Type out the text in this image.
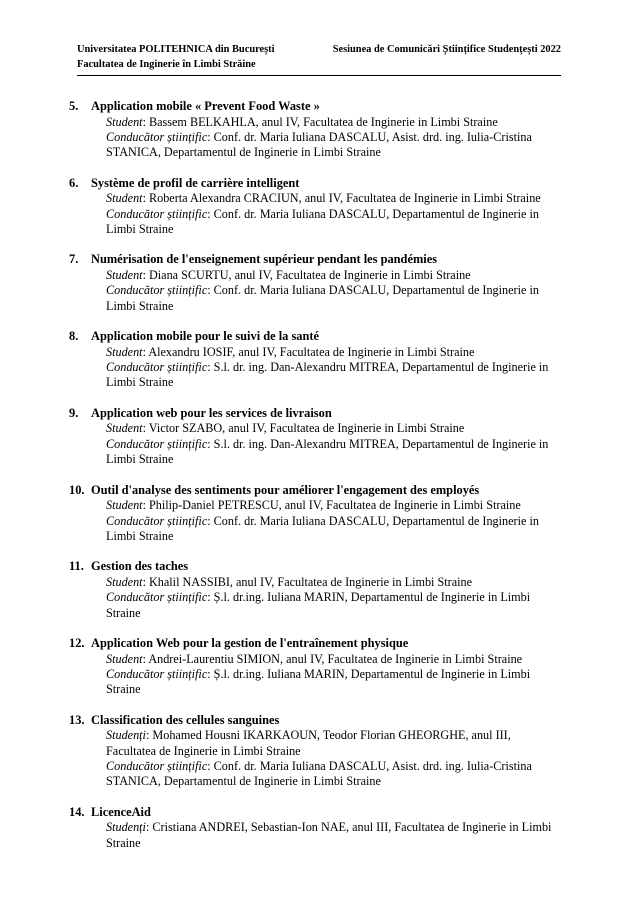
Universitatea POLITEHNICA din București
Facultatea de Inginerie în Limbi Străine
Sesiunea de Comunicări Științifice Studențești 2022
5.	Application mobile « Prevent Food Waste »
Student: Bassem BELKAHLA, anul IV, Facultatea de Inginerie in Limbi Straine
Conducător științific: Conf. dr. Maria Iuliana DASCALU, Asist. drd. ing. Iulia-Cristina STANICA, Departamentul de Inginerie in Limbi Straine
6.	Système de profil de carrière intelligent
Student: Roberta Alexandra CRACIUN, anul IV, Facultatea de Inginerie in Limbi Straine
Conducător științific: Conf. dr. Maria Iuliana DASCALU, Departamentul de Inginerie in Limbi Straine
7.	Numérisation de l'enseignement supérieur pendant les pandémies
Student: Diana SCURTU, anul IV, Facultatea de Inginerie in Limbi Straine
Conducător științific: Conf. dr. Maria Iuliana DASCALU, Departamentul de Inginerie in Limbi Straine
8.	Application mobile pour le suivi de la santé
Student: Alexandru IOSIF, anul IV, Facultatea de Inginerie in Limbi Straine
Conducător științific: S.l. dr. ing. Dan-Alexandru MITREA, Departamentul de Inginerie in Limbi Straine
9.	Application web pour les services de livraison
Student: Victor SZABO, anul IV, Facultatea de Inginerie in Limbi Straine
Conducător științific: S.l. dr. ing. Dan-Alexandru MITREA, Departamentul de Inginerie in Limbi Straine
10. Outil d'analyse des sentiments pour améliorer l'engagement des employés
Student: Philip-Daniel PETRESCU, anul IV, Facultatea de Inginerie in Limbi Straine
Conducător științific: Conf. dr. Maria Iuliana DASCALU, Departamentul de Inginerie in Limbi Straine
11. Gestion des taches
Student: Khalil NASSIBI, anul IV, Facultatea de Inginerie in Limbi Straine
Conducător științific: Ș.l. dr.ing. Iuliana MARIN, Departamentul de Inginerie in Limbi Straine
12. Application Web pour la gestion de l'entraînement physique
Student: Andrei-Laurentiu SIMION, anul IV, Facultatea de Inginerie in Limbi Straine
Conducător științific: Ș.l. dr.ing. Iuliana MARIN, Departamentul de Inginerie in Limbi Straine
13. Classification des cellules sanguines
Studenți: Mohamed Housni IKARKAOUN, Teodor Florian GHEORGHE, anul III, Facultatea de Inginerie in Limbi Straine
Conducător științific: Conf. dr. Maria Iuliana DASCALU, Asist. drd. ing. Iulia-Cristina STANICA, Departamentul de Inginerie in Limbi Straine
14. LicenceAid
Studenți: Cristiana ANDREI, Sebastian-Ion NAE, anul III, Facultatea de Inginerie in Limbi Straine
